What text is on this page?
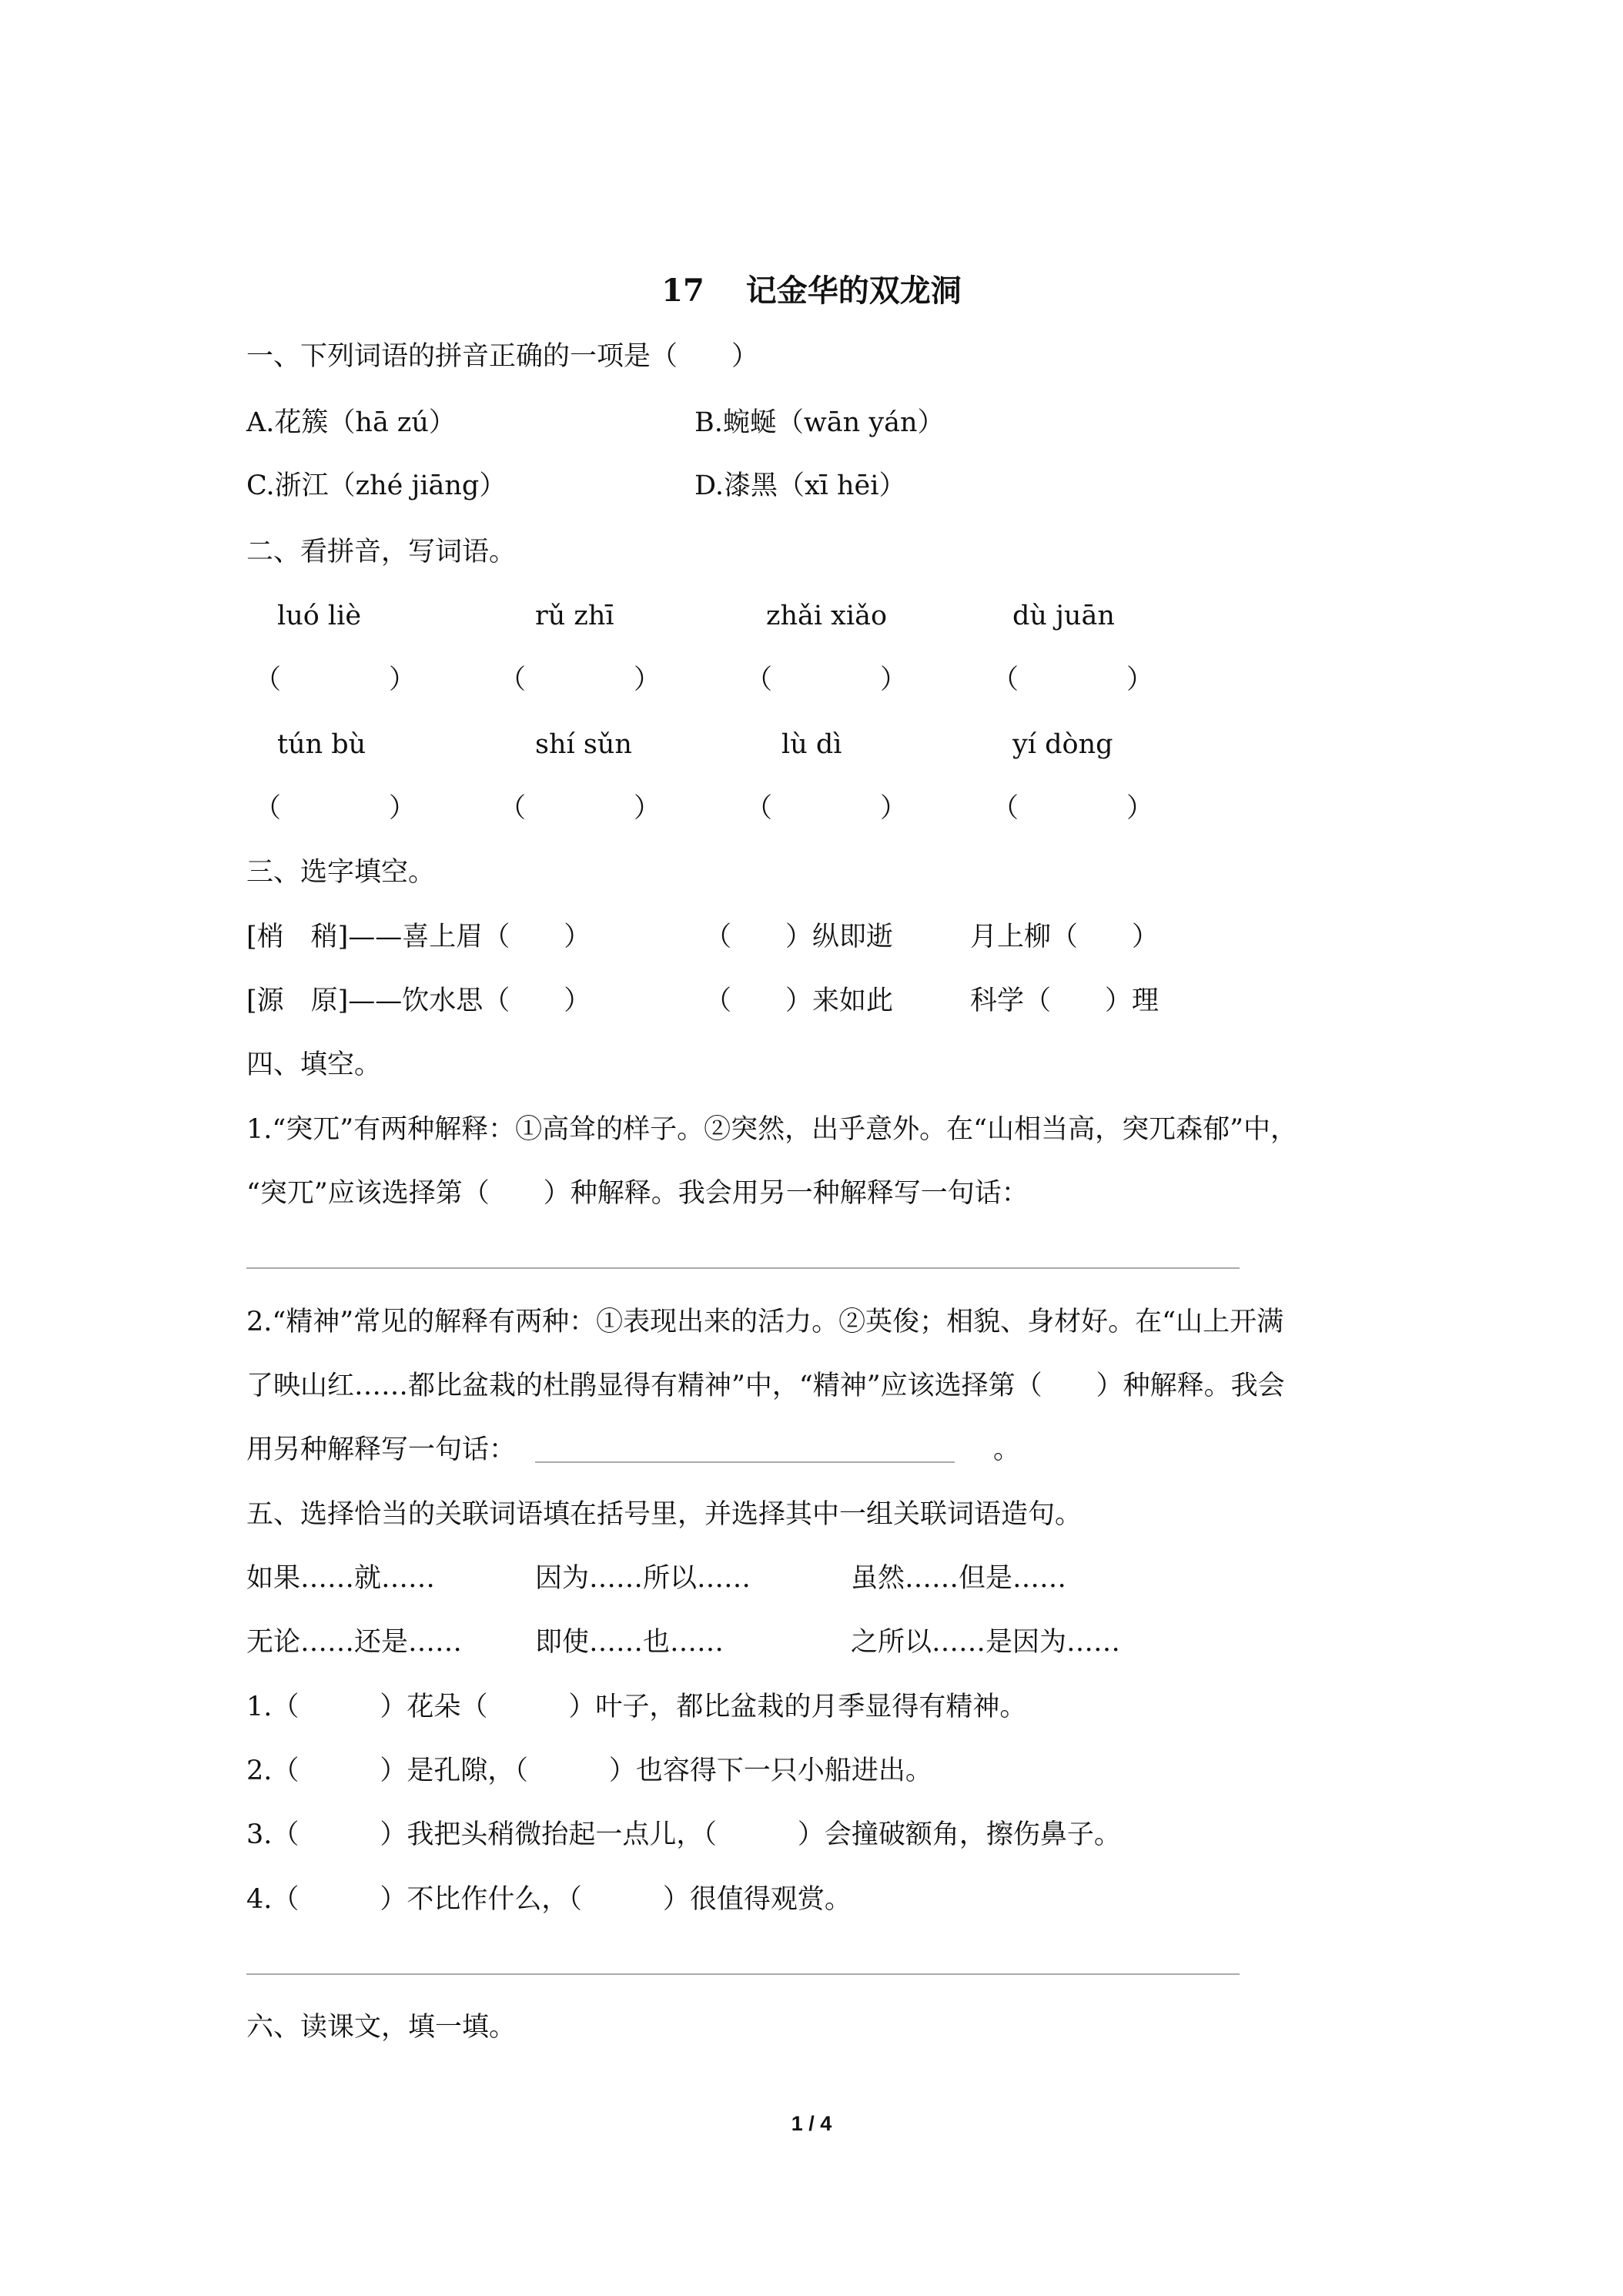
17　 记金华的双龙洞
一、下列词语的拼音正确的一项是（　　）
A.花簇（hā zú）	B.蜿蜒（wān yán）
C.浙江（zhé jiāng）	D.漆黑（xī hēi）
二、看拼音，写词语。
luó liè	rǔ zhī	zhǎi xiǎo	dù juān
（　　　　）	（　　　　）	（　　　　）	（　　　　）
tún bù	shí sǔn	lù dì	yí dòng
（　　　　）	（　　　　）	（　　　　）	（　　　　）
三、选字填空。
[梢　稍]——喜上眉（　　）	（　　）纵即逝	月上柳（　　）
[源　原]——饮水思（　　）	（　　）来如此	科学（　　）理
四、填空。
1.“突兀”有两种解释：①高耸的样子。②突然，出乎意外。在“山相当高，突兀森郁”中，
“突兀”应该选择第（　　）种解释。我会用另一种解释写一句话：
2.“精神”常见的解释有两种：①表现出来的活力。②英俊；相貌、身材好。在“山上开满
了映山红……都比盆栽的杜鹃显得有精神”中，“精神”应该选择第（　　）种解释。我会
用另种解释写一句话：	。
五、选择恰当的关联词语填在括号里，并选择其中一组关联词语造句。
如果……就……	因为……所以……	虽然……但是……
无论……还是……	即使……也……	之所以……是因为……
1.（　　　）花朵（　　　）叶子，都比盆栽的月季显得有精神。
2.（　　　）是孔隙，（　　　）也容得下一只小船进出。
3.（　　　）我把头稍微抬起一点儿，（　　　）会撞破额角，擦伤鼻子。
4.（　　　）不比作什么，（　　　）很值得观赏。
六、读课文，填一填。
1 / 4
